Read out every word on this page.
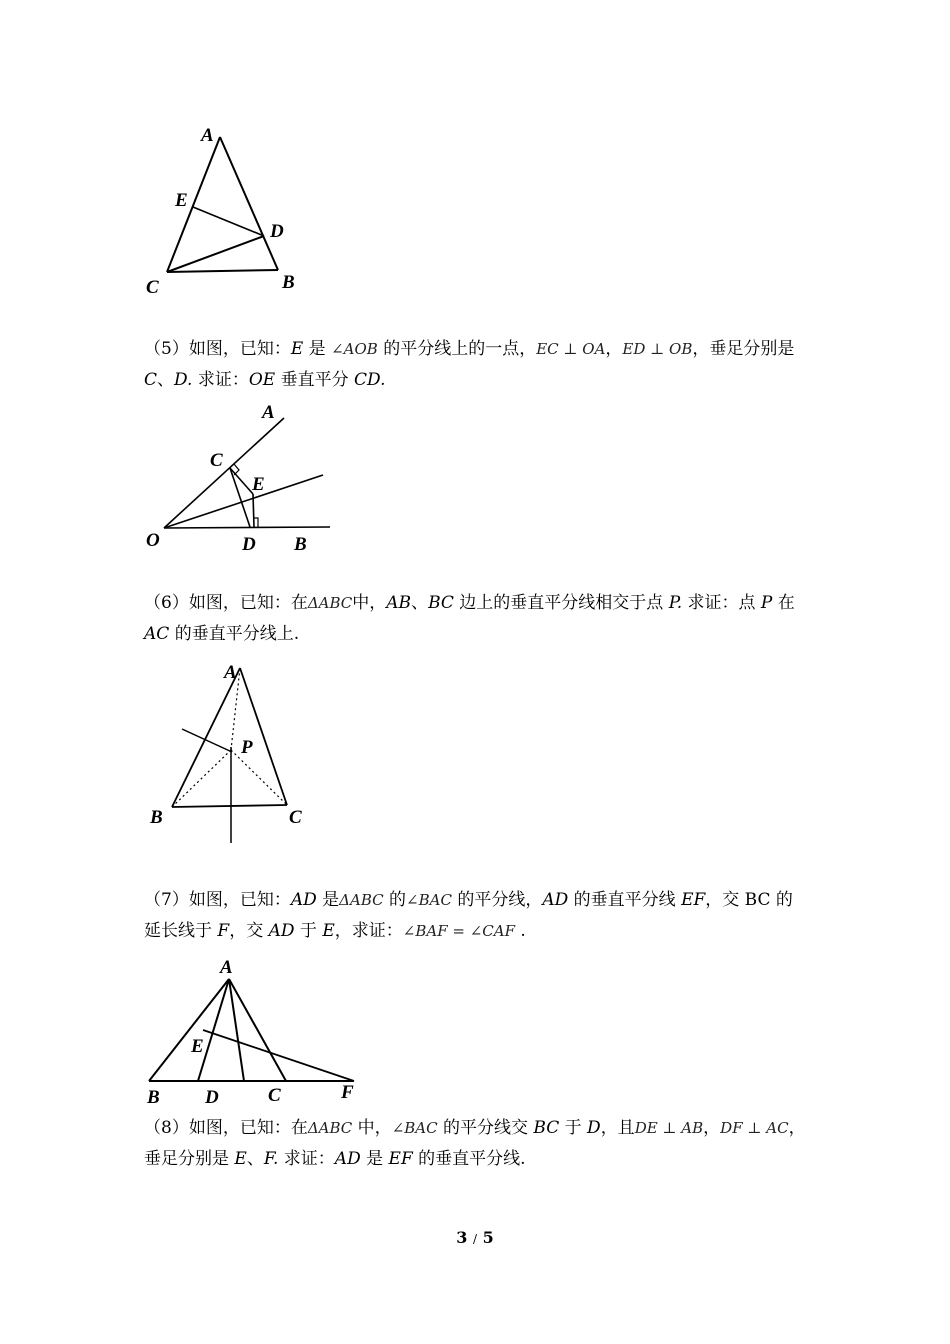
A
E
D
C	B

（5）如图，已知：E 是 ∠AOB 的平分线上的一点，EC ⊥ OA，ED ⊥ OB，垂足分别是
C、D. 求证：OE 垂直平分 CD.

A
C
E
O	D B

（6）如图，已知：在ΔABC中，AB、BC 边上的垂直平分线相交于点 P. 求证：点 P 在
AC 的垂直平分线上.

A
P
B	C

（7）如图，已知：AD 是ΔABC 的∠BAC 的平分线，AD 的垂直平分线 EF，交 BC 的
延长线于 F，交 AD 于 E，求证：∠BAF = ∠CAF .

A
E
B D	C	F

（8）如图，已知：在ΔABC 中，∠BAC 的平分线交 BC 于 D，且DE ⊥ AB，DF ⊥ AC，
垂足分别是 E、F. 求证：AD 是 EF 的垂直平分线.

3 / 5
